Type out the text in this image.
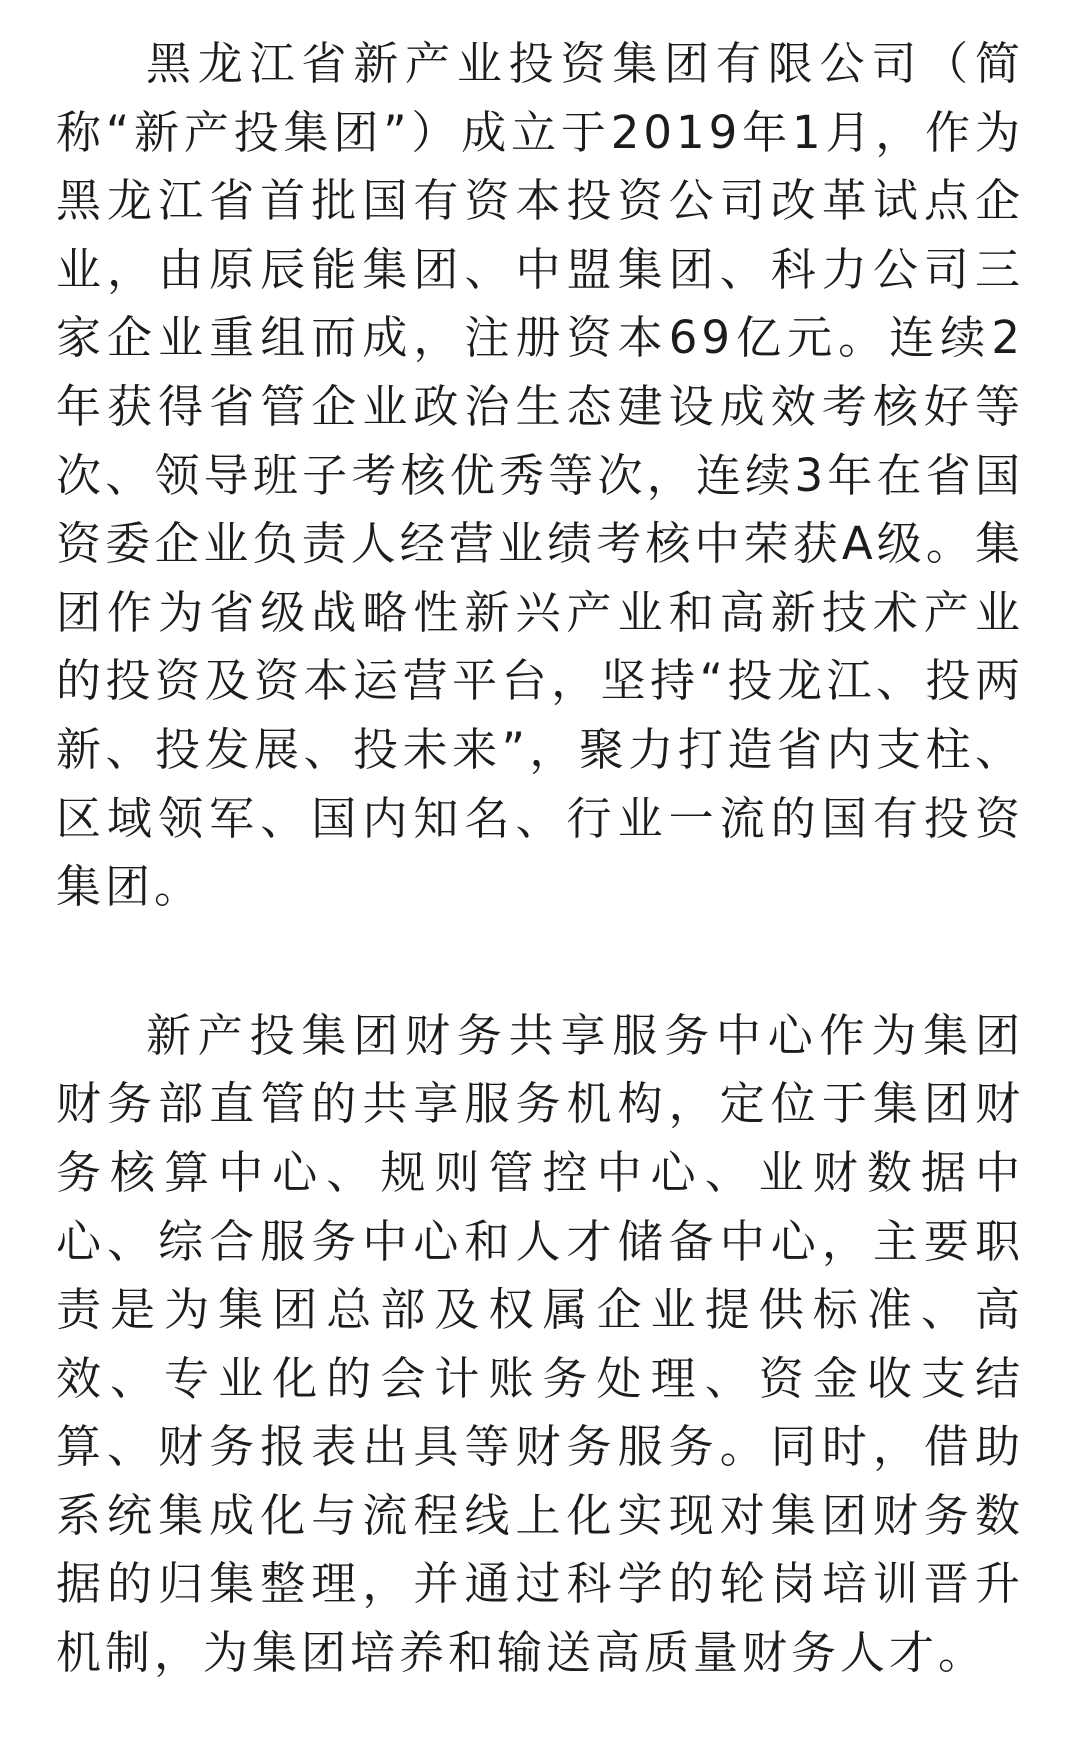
黑龙江省新产业投资集团有限公司（简称“新产投集团”）成立于2019年1月，作为黑龙江省首批国有资本投资公司改革试点企业，由原辰能集团、中盟集团、科力公司三家企业重组而成，注册资本69亿元。连续2年获得省管企业政治生态建设成效考核好等次、领导班子考核优秀等次，连续3年在省国资委企业负责人经营业绩考核中荣获A级。集团作为省级战略性新兴产业和高新技术产业的投资及资本运营平台，坚持“投龙江、投两新、投发展、投未来”，聚力打造省内支柱、区域领军、国内知名、行业一流的国有投资集团。

新产投集团财务共享服务中心作为集团财务部直管的共享服务机构，定位于集团财务核算中心、规则管控中心、业财数据中心、综合服务中心和人才储备中心，主要职责是为集团总部及权属企业提供标准、高效、专业化的会计账务处理、资金收支结算、财务报表出具等财务服务。同时，借助系统集成化与流程线上化实现对集团财务数据的归集整理，并通过科学的轮岗培训晋升机制，为集团培养和输送高质量财务人才。
